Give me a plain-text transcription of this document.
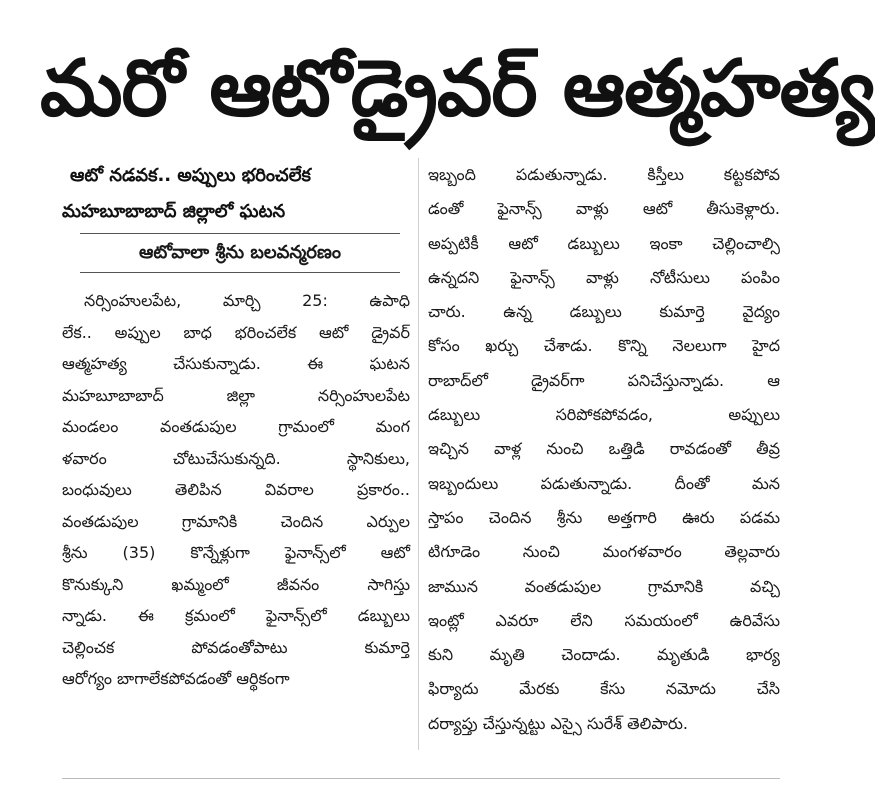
మరో ఆటోడ్రైవర్ ఆత్మహత్య
ఆటో నడవక.. అప్పులు భరించలేక
మహబూబాబాద్ జిల్లాలో ఘటన
ఆటోవాలా శ్రీను బలవన్మరణం
నర్సింహులపేట, మార్చి 25: ఉపాధి
లేక.. అప్పుల బాధ భరించలేక ఆటో డ్రైవర్
ఆత్మహత్య చేసుకున్నాడు. ఈ ఘటన
మహబూబాబాద్ జిల్లా నర్సింహులపేట
మండలం వంతడుపుల గ్రామంలో మంగ
ళవారం చోటుచేసుకున్నది. స్థానికులు,
బంధువులు తెలిపిన వివరాల ప్రకారం..
వంతడుపుల గ్రామానికి చెందిన ఎర్పుల
శ్రీను (35) కొన్నేళ్లుగా ఫైనాన్స్‌లో ఆటో
కొనుక్కుని ఖమ్మంలో జీవనం సాగిస్తు
న్నాడు. ఈ క్రమంలో ఫైనాన్స్‌లో డబ్బులు
చెల్లించక పోవడంతోపాటు కుమార్తె
ఆరోగ్యం బాగాలేకపోవడంతో ఆర్థికంగా
ఇబ్బంది పడుతున్నాడు. కిస్తీలు కట్టకపోవ
డంతో ఫైనాన్స్ వాళ్లు ఆటో తీసుకెళ్లారు.
అప్పటికీ ఆటో డబ్బులు ఇంకా చెల్లించాల్సి
ఉన్నదని ఫైనాన్స్ వాళ్లు నోటీసులు పంపిం
చారు. ఉన్న డబ్బులు కుమార్తె వైద్యం
కోసం ఖర్చు చేశాడు. కొన్ని నెలలుగా హైద
రాబాద్‌లో డ్రైవర్‌గా పనిచేస్తున్నాడు. ఆ
డబ్బులు సరిపోకపోవడం, అప్పులు
ఇచ్చిన వాళ్ల నుంచి ఒత్తిడి రావడంతో తీవ్ర
ఇబ్బందులు పడుతున్నాడు. దీంతో మన
స్తాపం చెందిన శ్రీను అత్తగారి ఊరు పడమ
టిగూడెం నుంచి మంగళవారం తెల్లవారు
జామున వంతడుపుల గ్రామానికి వచ్చి
ఇంట్లో ఎవరూ లేని సమయంలో ఉరివేసు
కుని మృతి చెందాడు. మృతుడి భార్య
ఫిర్యాదు మేరకు కేసు నమోదు చేసి
దర్యాప్తు చేస్తున్నట్టు ఎస్సై సురేశ్ తెలిపారు.
